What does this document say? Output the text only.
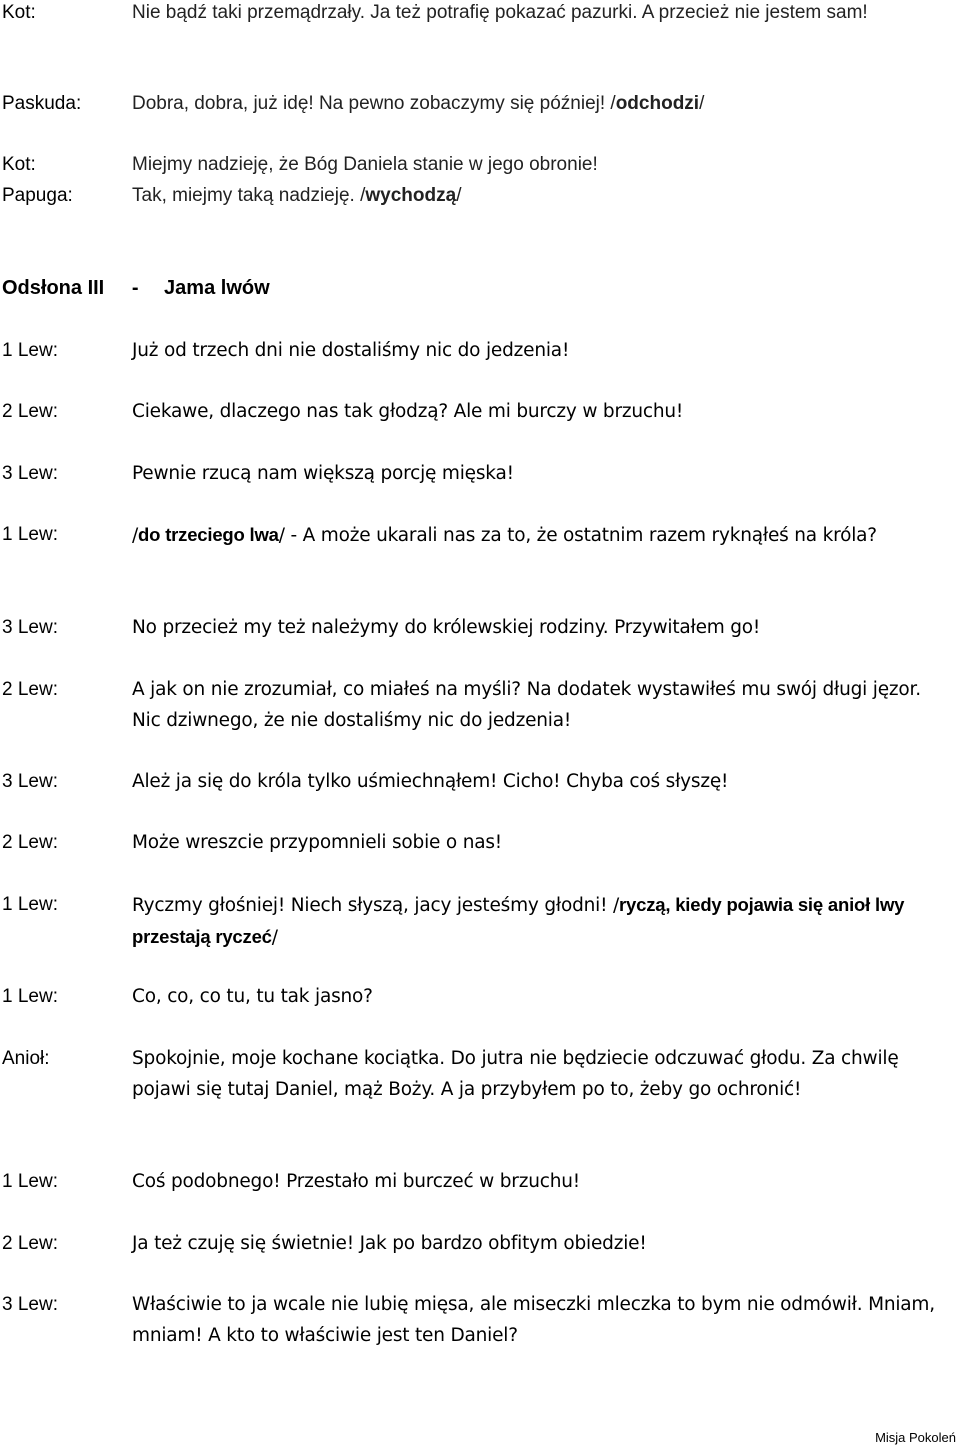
Kot:	Nie bądź taki przemądrzały. Ja też potrafię pokazać pazurki. A przecież nie jestem sam!
Paskuda:	Dobra, dobra, już idę! Na pewno zobaczymy się później! /odchodzi/
Kot:	Miejmy nadzieję, że Bóg Daniela stanie w jego obronie!
Papuga:	Tak, miejmy taką nadzieję. /wychodzą/
Odsłona III - Jama lwów
1 Lew:	Już od trzech dni nie dostaliśmy nic do jedzenia!
2 Lew:	Ciekawe, dlaczego nas tak głodzą? Ale mi burczy w brzuchu!
3 Lew:	Pewnie rzucą nam większą porcję mięska!
1 Lew:	/do trzeciego lwa/ - A może ukarali nas za to, że ostatnim razem ryknąłeś na króla?
3 Lew:	No przecież my też należymy do królewskiej rodziny. Przywitałem go!
2 Lew:	A jak on nie zrozumiał, co miałeś na myśli? Na dodatek wystawiłeś mu swój długi jęzor. Nic dziwnego, że nie dostaliśmy nic do jedzenia!
3 Lew:	Ależ ja się do króla tylko uśmiechnąłem! Cicho! Chyba coś słyszę!
2 Lew:	Może wreszcie przypomnieli sobie o nas!
1 Lew:	Ryczmy głośniej! Niech słyszą, jacy jesteśmy głodni! /ryczą, kiedy pojawia się anioł lwy przestają ryczeć/
1 Lew:	Co, co, co tu, tu tak jasno?
Anioł:	Spokojnie, moje kochane kociątka. Do jutra nie będziecie odczuwać głodu. Za chwilę pojawi się tutaj Daniel, mąż Boży. A ja przybyłem po to, żeby go ochronić!
1 Lew:	Coś podobnego! Przestało mi burczeć w brzuchu!
2 Lew:	Ja też czuję się świetnie! Jak po bardzo obfitym obiedzie!
3 Lew:	Właściwie to ja wcale nie lubię mięsa, ale miseczki mleczka to bym nie odmówił. Mniam, mniam! A kto to właściwie jest ten Daniel?
Misja Pokoleń
